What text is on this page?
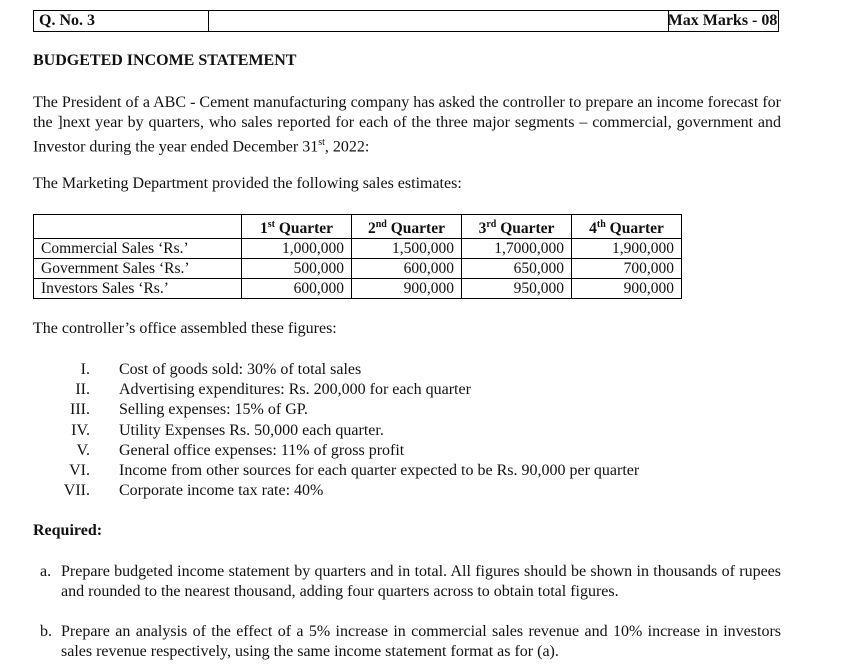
Q. No. 3	Max Marks - 08
BUDGETED INCOME STATEMENT
The President of a ABC - Cement manufacturing company has asked the controller to prepare an income forecast for the ]next year by quarters, who sales reported for each of the three major segments – commercial, government and Investor during the year ended December 31st, 2022:
The Marketing Department provided the following sales estimates:
	1st Quarter	2nd Quarter	3rd Quarter	4th Quarter
Commercial Sales ‘Rs.’	1,000,000	1,500,000	1,7000,000	1,900,000
Government Sales ‘Rs.’	500,000	600,000	650,000	700,000
Investors Sales ‘Rs.’	600,000	900,000	950,000	900,000
The controller’s office assembled these figures:
I.	Cost of goods sold: 30% of total sales
II.	Advertising expenditures: Rs. 200,000 for each quarter
III.	Selling expenses: 15% of GP.
IV.	Utility Expenses Rs. 50,000 each quarter.
V.	General office expenses: 11% of gross profit
VI.	Income from other sources for each quarter expected to be Rs. 90,000 per quarter
VII.	Corporate income tax rate: 40%
Required:
a. Prepare budgeted income statement by quarters and in total. All figures should be shown in thousands of rupees and rounded to the nearest thousand, adding four quarters across to obtain total figures.
b. Prepare an analysis of the effect of a 5% increase in commercial sales revenue and 10% increase in investors sales revenue respectively, using the same income statement format as for (a).
